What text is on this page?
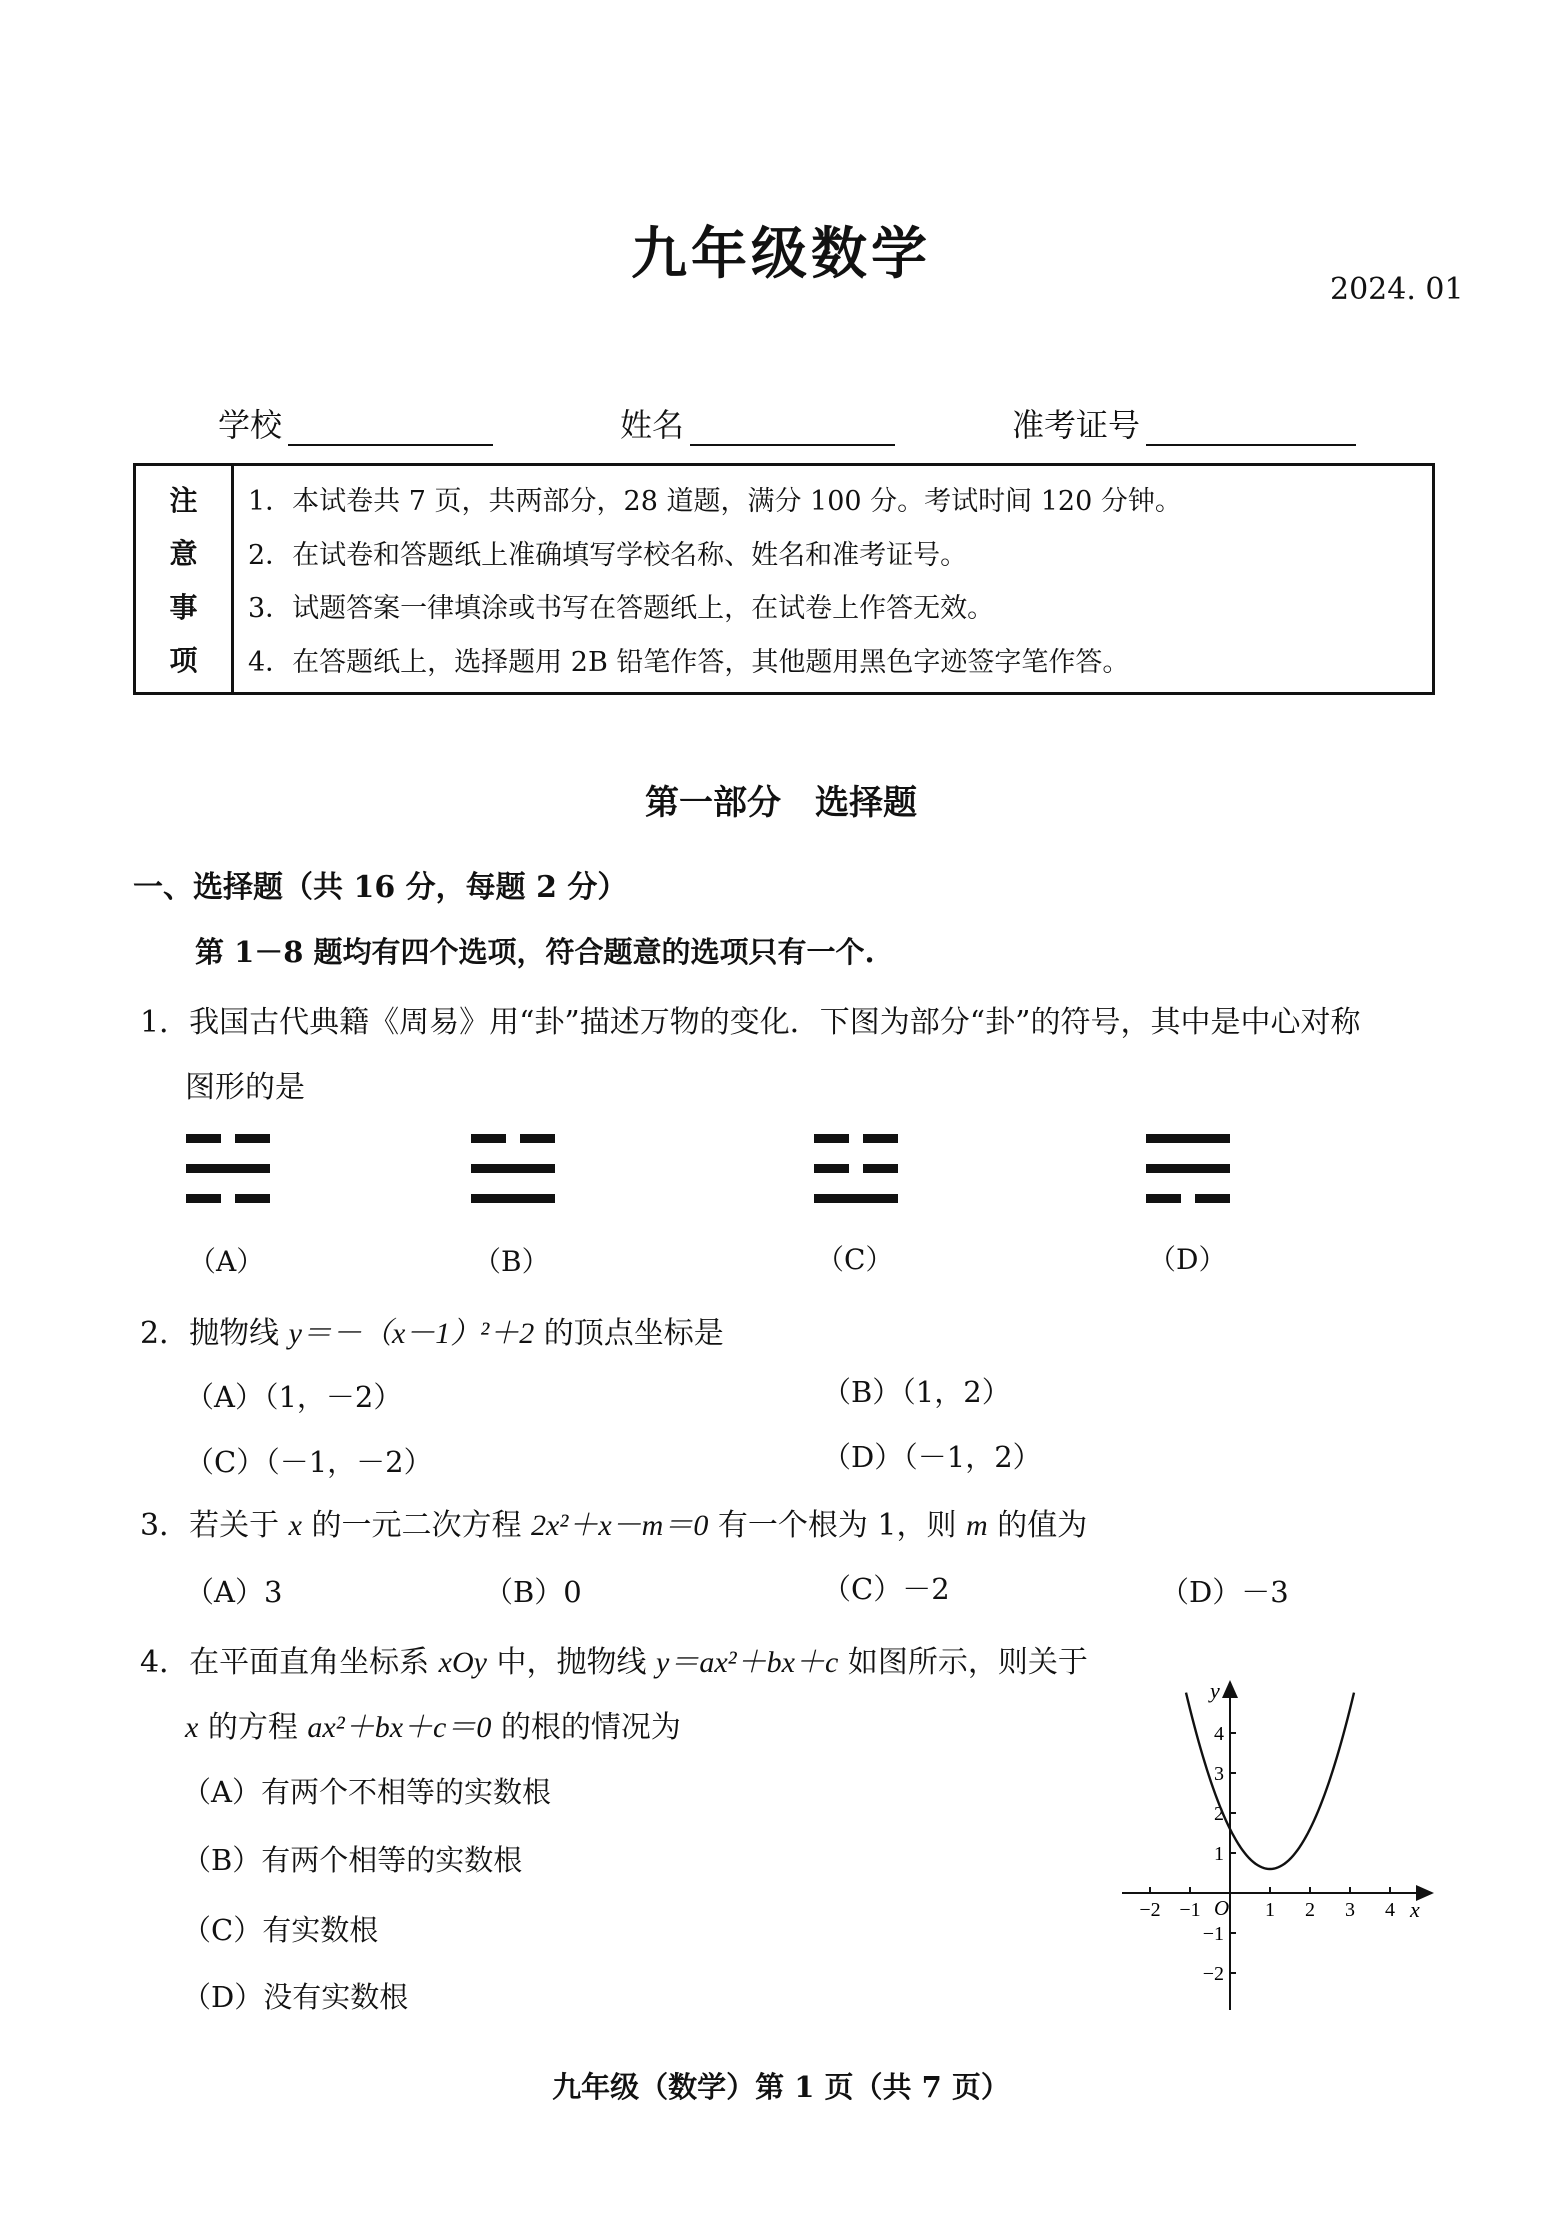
九年级数学
2024. 01
学校	姓名	准考证号
注
意
事
项
1．本试卷共 7 页，共两部分，28 道题，满分 100 分。考试时间 120 分钟。
2．在试卷和答题纸上准确填写学校名称、姓名和准考证号。
3．试题答案一律填涂或书写在答题纸上，在试卷上作答无效。
4．在答题纸上，选择题用 2B 铅笔作答，其他题用黑色字迹签字笔作答。
第一部分　选择题
一、选择题（共 16 分，每题 2 分）
第 1－8 题均有四个选项，符合题意的选项只有一个.
1．我国古代典籍《周易》用“卦”描述万物的变化．下图为部分“卦”的符号，其中是中心对称
图形的是
（A）	（B）	（C）	（D）
2．抛物线 y＝－（x－1）²＋2 的顶点坐标是
（A）（1，－2）	（B）（1，2）
（C）（－1，－2）	（D）（－1，2）
3．若关于 x 的一元二次方程 2x²＋x－m＝0 有一个根为 1，则 m 的值为
（A）3	（B）0	（C）－2	（D）－3
4．在平面直角坐标系 xOy 中，抛物线 y＝ax²＋bx＋c 如图所示，则关于
x 的方程 ax²＋bx＋c＝0 的根的情况为
（A）有两个不相等的实数根
（B）有两个相等的实数根
（C）有实数根
（D）没有实数根
−2 −1	1 2 3 4
4
3
2
1
−1
−2
x
y
O
九年级（数学）第 1 页（共 7 页）
